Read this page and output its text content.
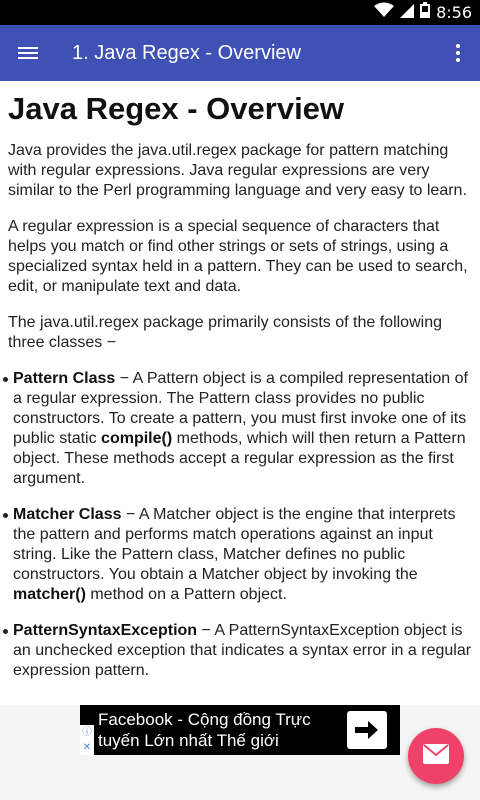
8:56
1. Java Regex - Overview
Java Regex - Overview

Java provides the java.util.regex package for pattern matching with regular expressions. Java regular expressions are very similar to the Perl programming language and very easy to learn.

A regular expression is a special sequence of characters that helps you match or find other strings or sets of strings, using a specialized syntax held in a pattern. They can be used to search, edit, or manipulate text and data.

The java.util.regex package primarily consists of the following three classes −

Pattern Class − A Pattern object is a compiled representation of a regular expression. The Pattern class provides no public constructors. To create a pattern, you must first invoke one of its public static compile() methods, which will then return a Pattern object. These methods accept a regular expression as the first argument.
Matcher Class − A Matcher object is the engine that interprets the pattern and performs match operations against an input string. Like the Pattern class, Matcher defines no public constructors. You obtain a Matcher object by invoking the matcher() method on a Pattern object.
PatternSyntaxException − A PatternSyntaxException object is an unchecked exception that indicates a syntax error in a regular expression pattern.
Facebook - Cộng đồng Trực tuyến Lớn nhất Thế giới
ⓘ
✕
